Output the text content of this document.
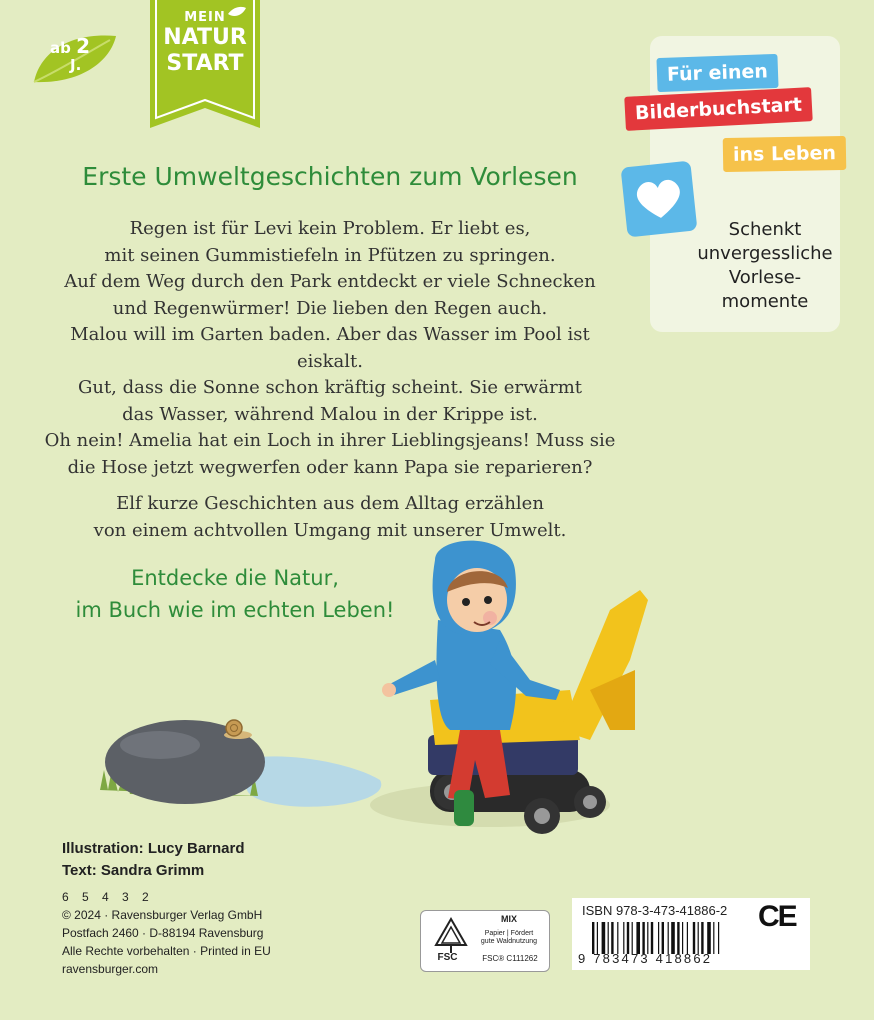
ab 2
J.
MEIN
NATUR
START	Für einen
Bilderbuchstart
ins Leben
Schenkt
unvergessliche
Vorlese-
momente
Erste Umweltgeschichten zum Vorlesen

Regen ist für Levi kein Problem. Er liebt es,
mit seinen Gummistiefeln in Pfützen zu springen.
Auf dem Weg durch den Park entdeckt er viele Schnecken
und Regenwürmer! Die lieben den Regen auch.
Malou will im Garten baden. Aber das Wasser im Pool ist eiskalt.
Gut, dass die Sonne schon kräftig scheint. Sie erwärmt
das Wasser, während Malou in der Krippe ist.
Oh nein! Amelia hat ein Loch in ihrer Lieblingsjeans! Muss sie
die Hose jetzt wegwerfen oder kann Papa sie reparieren?

Elf kurze Geschichten aus dem Alltag erzählen
von einem achtvollen Umgang mit unserer Umwelt.

Entdecke die Natur,
im Buch wie im echten Leben!
Illustration: Lucy Barnard
Text: Sandra Grimm
6 5 4 3 2
© 2024 · Ravensburger Verlag GmbH
Postfach 2460 · D-88194 Ravensburg
Alle Rechte vorbehalten · Printed in EU
ravensburger.com
MIX
Papier | Fördert
gute Waldnutzung
FSC® C111262
FSC
ISBN 978-3-473-41886-2
9 783473 418862
CE
